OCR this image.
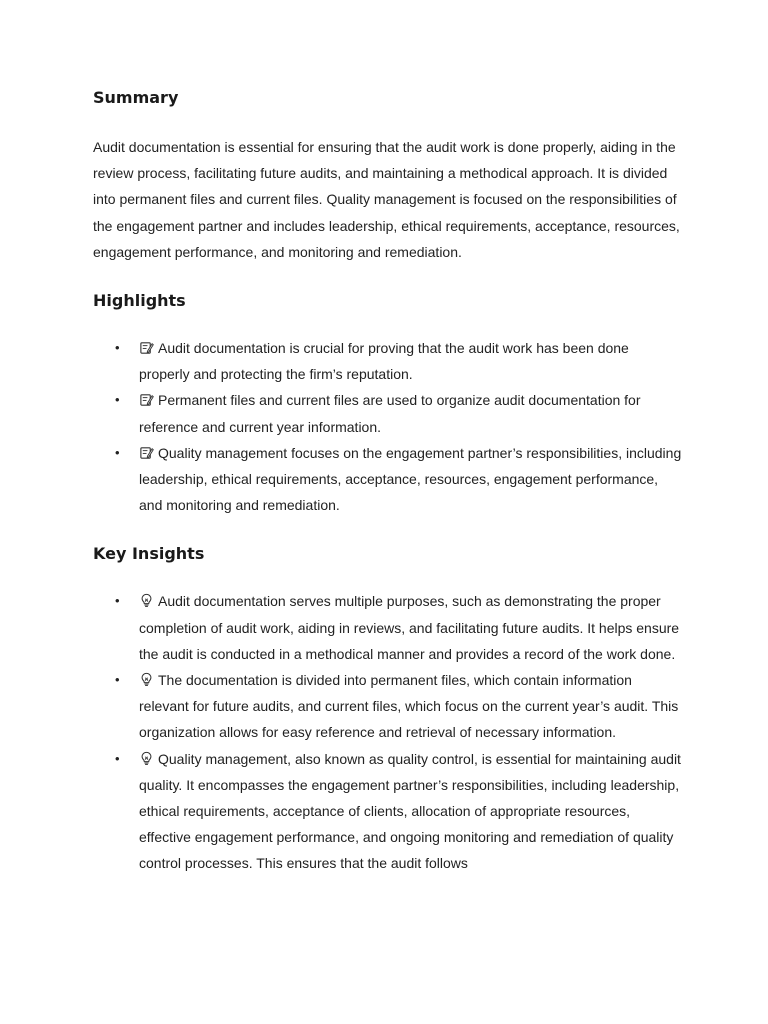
Summary

Audit documentation is essential for ensuring that the audit work is done properly, aiding in the review process, facilitating future audits, and maintaining a methodical approach. It is divided into permanent files and current files. Quality management is focused on the responsibilities of the engagement partner and includes leadership, ethical requirements, acceptance, resources, engagement performance, and monitoring and remediation.

Highlights
•	Audit documentation is crucial for proving that the audit work has been done properly and protecting the firm’s reputation.
•	Permanent files and current files are used to organize audit documentation for reference and current year information.
•	Quality management focuses on the engagement partner’s responsibilities, including leadership, ethical requirements, acceptance, resources, engagement performance, and monitoring and remediation.
Key Insights
•	Audit documentation serves multiple purposes, such as demonstrating the proper completion of audit work, aiding in reviews, and facilitating future audits. It helps ensure the audit is conducted in a methodical manner and provides a record of the work done.
•	The documentation is divided into permanent files, which contain information relevant for future audits, and current files, which focus on the current year’s audit. This organization allows for easy reference and retrieval of necessary information.
•	Quality management, also known as quality control, is essential for maintaining audit quality. It encompasses the engagement partner’s responsibilities, including leadership, ethical requirements, acceptance of clients, allocation of appropriate resources, effective engagement performance, and ongoing monitoring and remediation of quality control processes. This ensures that the audit follows
